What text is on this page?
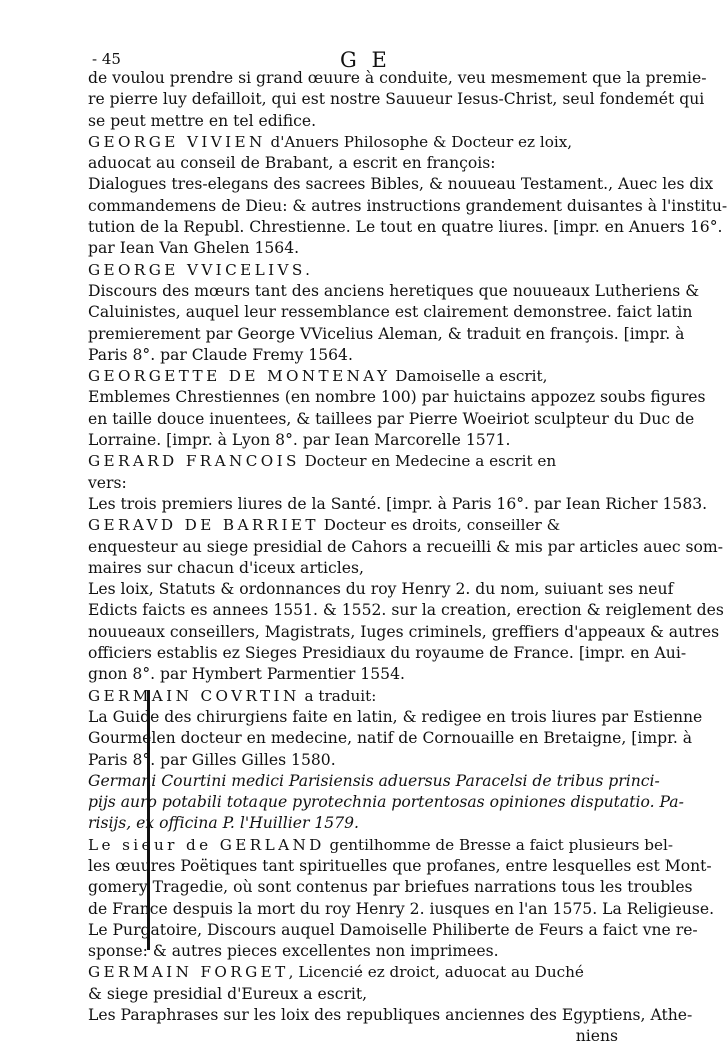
- 45	G E
de voulou prendre si grand œuure à conduite, veu mesmement que la premie-
re pierre luy defailloit, qui est nostre Sauueur Iesus-Christ, seul fondemét qui
se peut mettre en tel edifice.
GEORGE VIVIEN d'Anuers Philosophe & Docteur ez loix,
aduocat au conseil de Brabant, a escrit en françois:
Dialogues tres-elegans des sacrees Bibles, & nouueau Testament., Auec les dix
commandemens de Dieu: & autres instructions grandement duisantes à l'institu-
tution de la Republ. Chrestienne. Le tout en quatre liures. [impr. en Anuers 16°.
par Iean Van Ghelen 1564.
GEORGE VVICELIVS.
Discours des mœurs tant des anciens heretiques que nouueaux Lutheriens &
Caluinistes, auquel leur ressemblance est clairement demonstree. faict latin
premierement par George VVicelius Aleman, & traduit en françois. [impr. à
Paris 8°. par Claude Fremy 1564.
GEORGETTE DE MONTENAY Damoiselle a escrit,
Emblemes Chrestiennes (en nombre 100) par huictains appozez soubs figures
en taille douce inuentees, & taillees par Pierre Woeiriot sculpteur du Duc de
Lorraine. [impr. à Lyon 8°. par Iean Marcorelle 1571.
GERARD FRANCOIS Docteur en Medecine a escrit en
vers:
Les trois premiers liures de la Santé. [impr. à Paris 16°. par Iean Richer 1583.
GERAVD DE BARRIET Docteur es droits, conseiller &
enquesteur au siege presidial de Cahors a recueilli & mis par articles auec som-
maires sur chacun d'iceux articles,
Les loix, Statuts & ordonnances du roy Henry 2. du nom, suiuant ses neuf
Edicts faicts es annees 1551. & 1552. sur la creation, erection & reiglement des
nouueaux conseillers, Magistrats, Iuges criminels, greffiers d'appeaux & autres
officiers establis ez Sieges Presidiaux du royaume de France. [impr. en Aui-
gnon 8°. par Hymbert Parmentier 1554.
GERMAIN COVRTIN a traduit:
La Guide des chirurgiens faite en latin, & redigee en trois liures par Estienne
Gourmelen docteur en medecine, natif de Cornouaille en Bretaigne, [impr. à
Paris 8°. par Gilles Gilles 1580.
Germani Courtini medici Parisiensis aduersus Paracelsi de tribus princi-
pijs auro potabili totaque pyrotechnia portentosas opiniones disputatio. Pa-
risijs, ex officina P. l'Huillier 1579.
Le sieur de GERLAND gentilhomme de Bresse a faict plusieurs bel-
les œuures Poëtiques tant spirituelles que profanes, entre lesquelles est Mont-
gomery Tragedie, où sont contenus par briefues narrations tous les troubles
de France despuis la mort du roy Henry 2. iusques en l'an 1575. La Religieuse.
Le Purgatoire, Discours auquel Damoiselle Philiberte de Feurs a faict vne re-
sponse: & autres pieces excellentes non imprimees.
GERMAIN FORGET, Licencié ez droict, aduocat au Duché
& siege presidial d'Eureux a escrit,
Les Paraphrases sur les loix des republiques anciennes des Egyptiens, Athe-
niens
